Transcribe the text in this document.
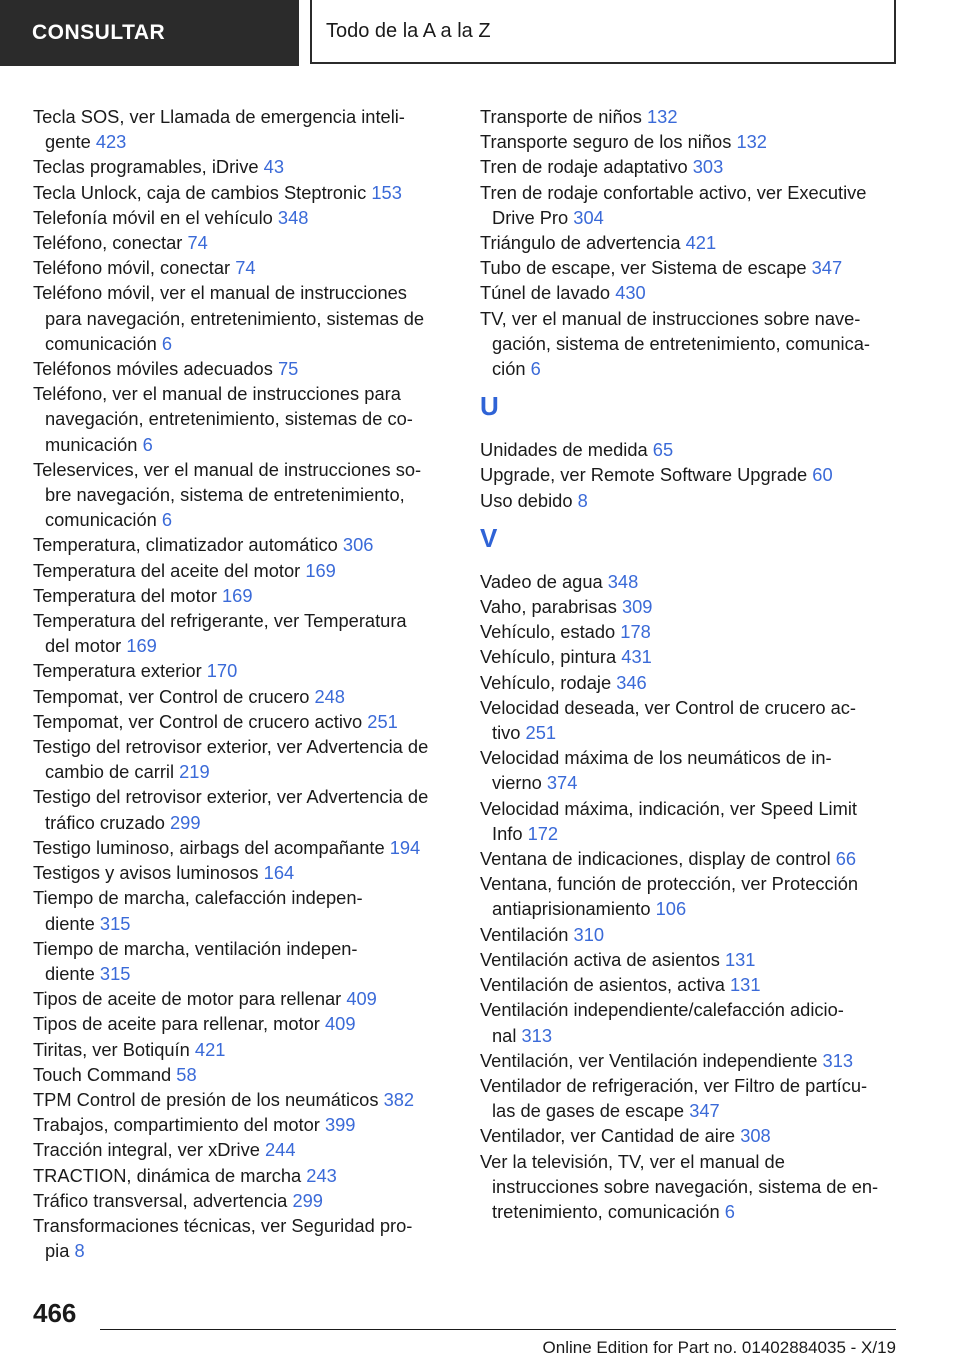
CONSULTAR	Todo de la A a la Z
Tecla SOS, ver Llamada de emergencia inteli-
gente 423
Teclas programables, iDrive 43
Tecla Unlock, caja de cambios Steptronic 153
Telefonía móvil en el vehículo 348
Teléfono, conectar 74
Teléfono móvil, conectar 74
Teléfono móvil, ver el manual de instrucciones
para navegación, entretenimiento, sistemas de
comunicación 6
Teléfonos móviles adecuados 75
Teléfono, ver el manual de instrucciones para
navegación, entretenimiento, sistemas de co-
municación 6
Teleservices, ver el manual de instrucciones so-
bre navegación, sistema de entretenimiento,
comunicación 6
Temperatura, climatizador automático 306
Temperatura del aceite del motor 169
Temperatura del motor 169
Temperatura del refrigerante, ver Temperatura
del motor 169
Temperatura exterior 170
Tempomat, ver Control de crucero 248
Tempomat, ver Control de crucero activo 251
Testigo del retrovisor exterior, ver Advertencia de
cambio de carril 219
Testigo del retrovisor exterior, ver Advertencia de
tráfico cruzado 299
Testigo luminoso, airbags del acompañante 194
Testigos y avisos luminosos 164
Tiempo de marcha, calefacción indepen-
diente 315
Tiempo de marcha, ventilación indepen-
diente 315
Tipos de aceite de motor para rellenar 409
Tipos de aceite para rellenar, motor 409
Tiritas, ver Botiquín 421
Touch Command 58
TPM Control de presión de los neumáticos 382
Trabajos, compartimiento del motor 399
Tracción integral, ver xDrive 244
TRACTION, dinámica de marcha 243
Tráfico transversal, advertencia 299
Transformaciones técnicas, ver Seguridad pro-
pia 8
Transporte de niños 132
Transporte seguro de los niños 132
Tren de rodaje adaptativo 303
Tren de rodaje confortable activo, ver Executive
Drive Pro 304
Triángulo de advertencia 421
Tubo de escape, ver Sistema de escape 347
Túnel de lavado 430
TV, ver el manual de instrucciones sobre nave-
gación, sistema de entretenimiento, comunica-
ción 6
U
Unidades de medida 65
Upgrade, ver Remote Software Upgrade 60
Uso debido 8
V
Vadeo de agua 348
Vaho, parabrisas 309
Vehículo, estado 178
Vehículo, pintura 431
Vehículo, rodaje 346
Velocidad deseada, ver Control de crucero ac-
tivo 251
Velocidad máxima de los neumáticos de in-
vierno 374
Velocidad máxima, indicación, ver Speed Limit
Info 172
Ventana de indicaciones, display de control 66
Ventana, función de protección, ver Protección
antiaprisionamiento 106
Ventilación 310
Ventilación activa de asientos 131
Ventilación de asientos, activa 131
Ventilación independiente/calefacción adicio-
nal 313
Ventilación, ver Ventilación independiente 313
Ventilador de refrigeración, ver Filtro de partícu-
las de gases de escape 347
Ventilador, ver Cantidad de aire 308
Ver la televisión, TV, ver el manual de
instrucciones sobre navegación, sistema de en-
tretenimiento, comunicación 6
466
Online Edition for Part no. 01402884035 - X/19
